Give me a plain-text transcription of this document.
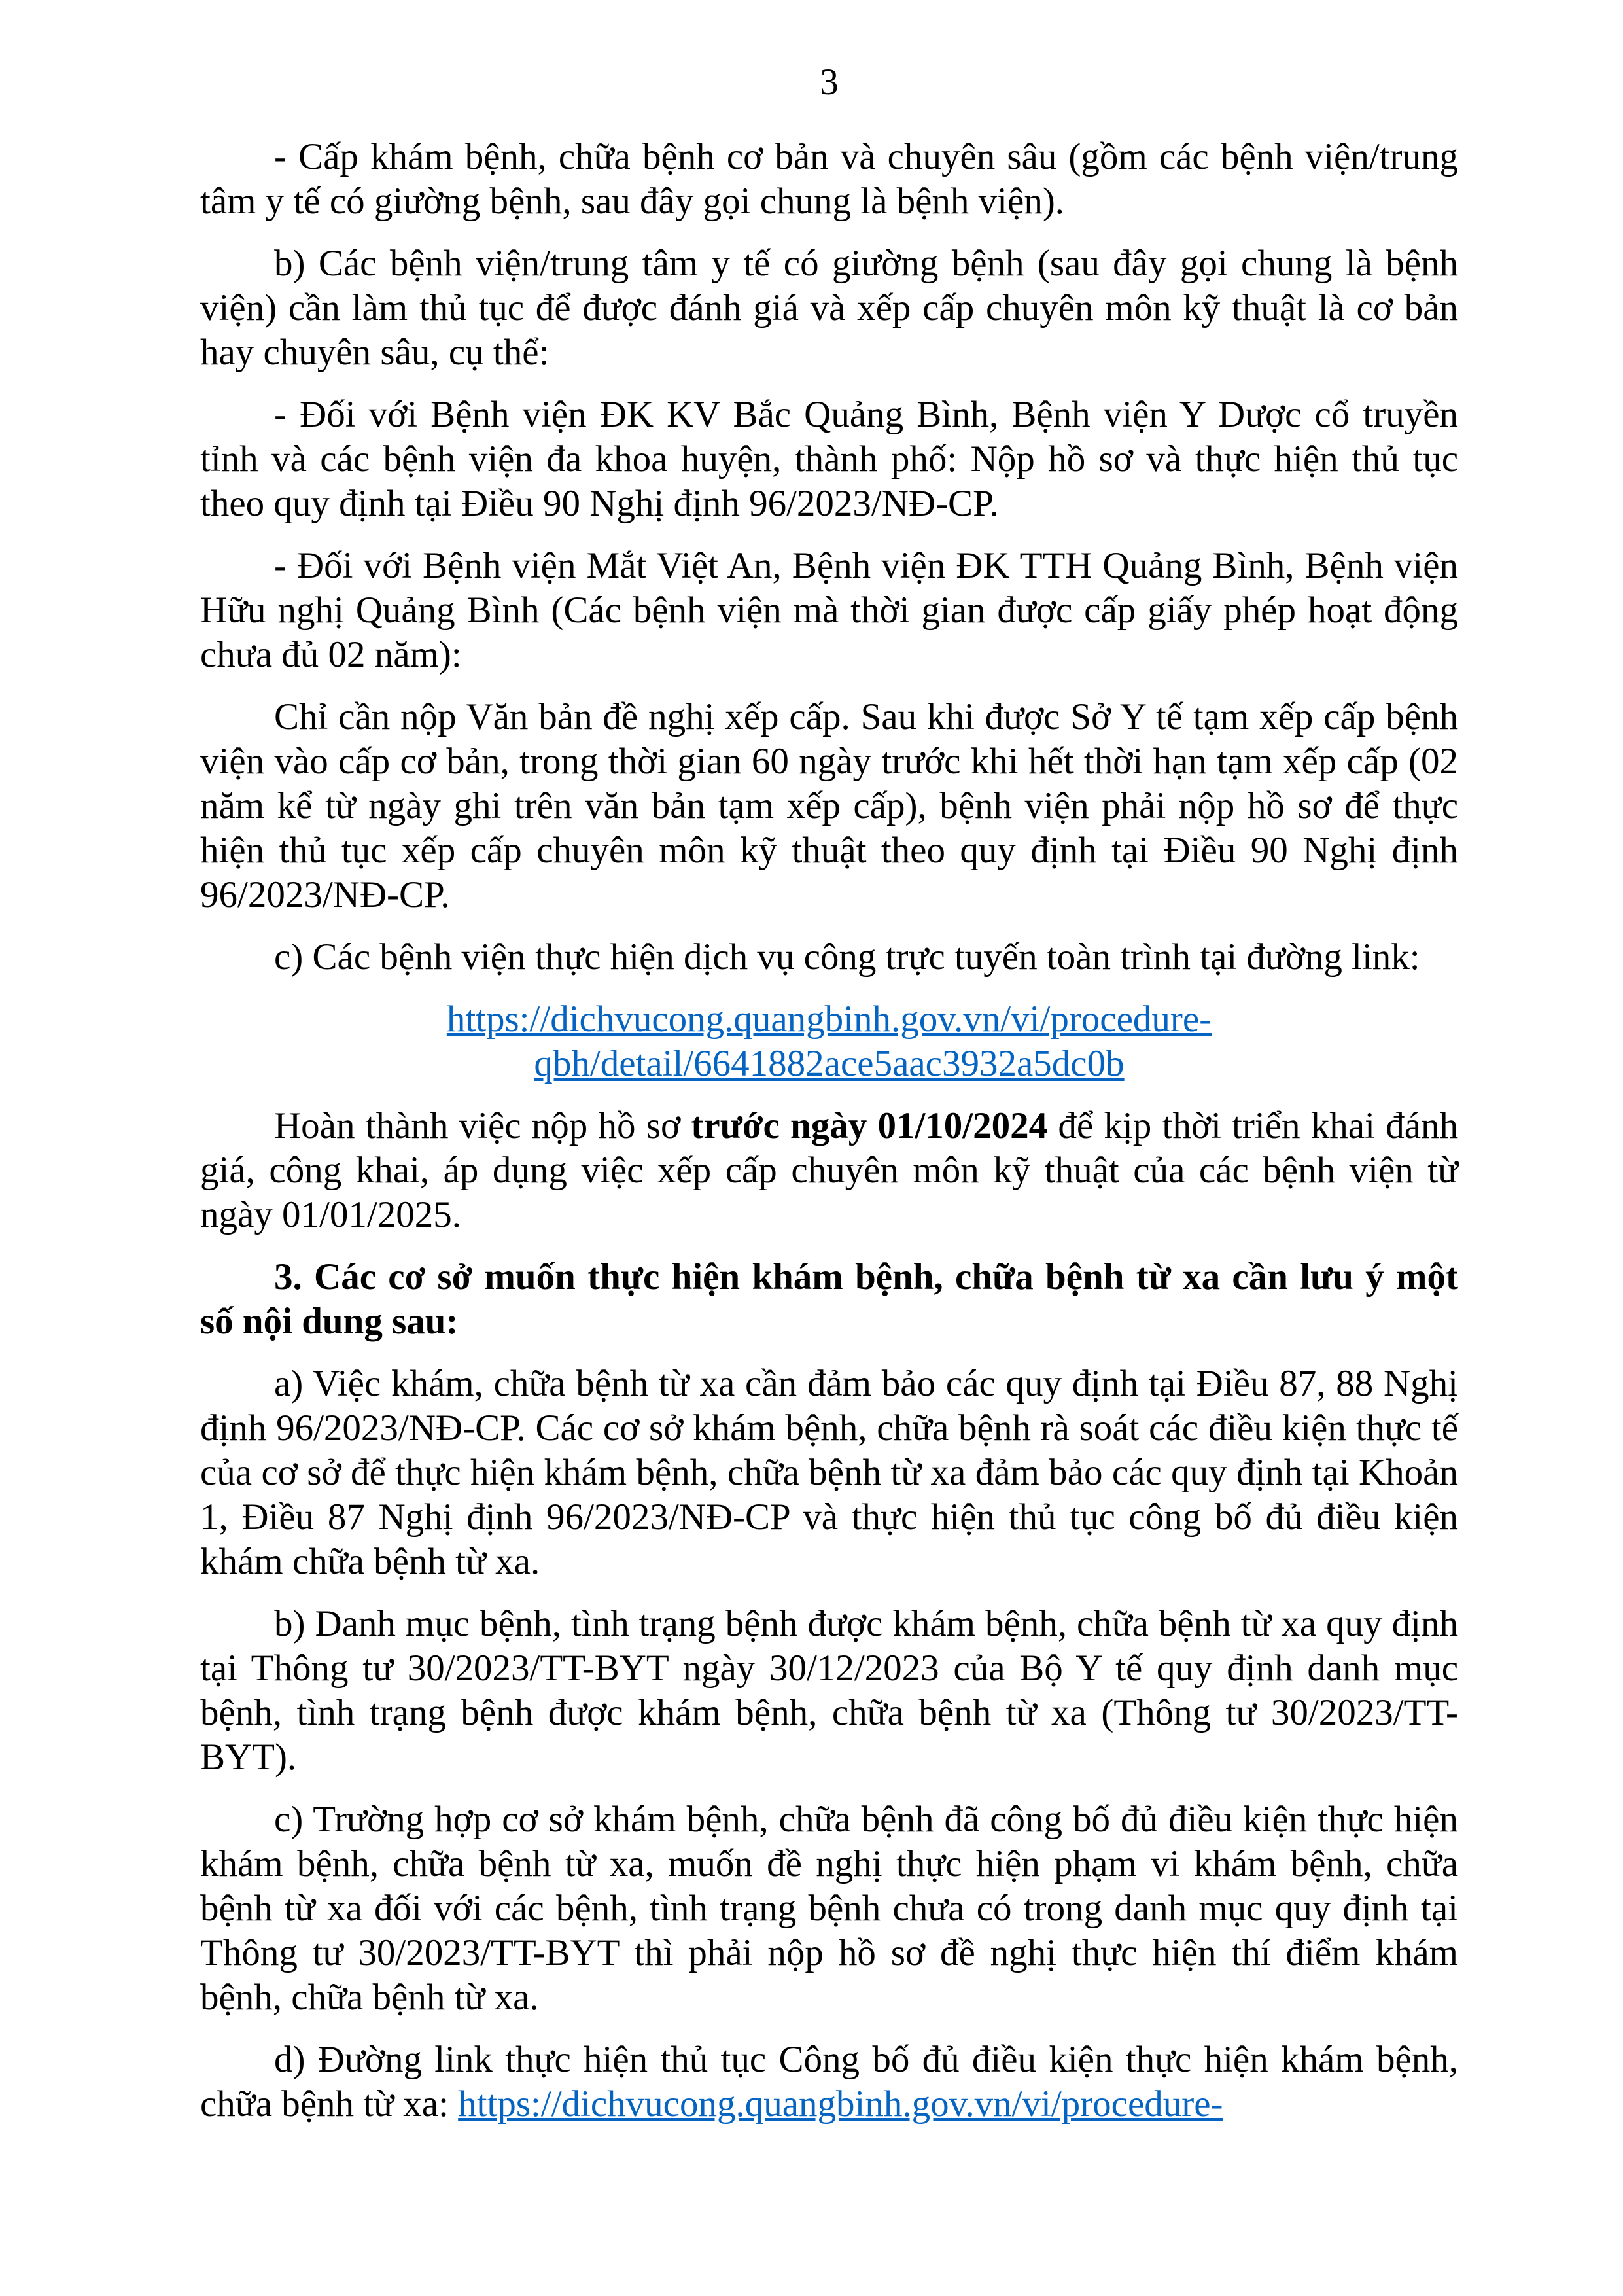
3

- Cấp khám bệnh, chữa bệnh cơ bản và chuyên sâu (gồm các bệnh viện/trung tâm y tế có giường bệnh, sau đây gọi chung là bệnh viện).

b) Các bệnh viện/trung tâm y tế có giường bệnh (sau đây gọi chung là bệnh viện) cần làm thủ tục để được đánh giá và xếp cấp chuyên môn kỹ thuật là cơ bản hay chuyên sâu, cụ thể:

- Đối với Bệnh viện ĐK KV Bắc Quảng Bình, Bệnh viện Y Dược cổ truyền tỉnh và các bệnh viện đa khoa huyện, thành phố: Nộp hồ sơ và thực hiện thủ tục theo quy định tại Điều 90 Nghị định 96/2023/NĐ-CP.

- Đối với Bệnh viện Mắt Việt An, Bệnh viện ĐK TTH Quảng Bình, Bệnh viện Hữu nghị Quảng Bình (Các bệnh viện mà thời gian được cấp giấy phép hoạt động chưa đủ 02 năm):

Chỉ cần nộp Văn bản đề nghị xếp cấp. Sau khi được Sở Y tế tạm xếp cấp bệnh viện vào cấp cơ bản, trong thời gian 60 ngày trước khi hết thời hạn tạm xếp cấp (02 năm kể từ ngày ghi trên văn bản tạm xếp cấp), bệnh viện phải nộp hồ sơ để thực hiện thủ tục xếp cấp chuyên môn kỹ thuật theo quy định tại Điều 90 Nghị định 96/2023/NĐ-CP.

c) Các bệnh viện thực hiện dịch vụ công trực tuyến toàn trình tại đường link:

https://dichvucong.quangbinh.gov.vn/vi/procedure-
qbh/detail/6641882ace5aac3932a5dc0b

Hoàn thành việc nộp hồ sơ trước ngày 01/10/2024 để kịp thời triển khai đánh giá, công khai, áp dụng việc xếp cấp chuyên môn kỹ thuật của các bệnh viện từ ngày 01/01/2025.

3. Các cơ sở muốn thực hiện khám bệnh, chữa bệnh từ xa cần lưu ý một số nội dung sau:

a) Việc khám, chữa bệnh từ xa cần đảm bảo các quy định tại Điều 87, 88 Nghị định 96/2023/NĐ-CP. Các cơ sở khám bệnh, chữa bệnh rà soát các điều kiện thực tế của cơ sở để thực hiện khám bệnh, chữa bệnh từ xa đảm bảo các quy định tại Khoản 1, Điều 87 Nghị định 96/2023/NĐ-CP và thực hiện thủ tục công bố đủ điều kiện khám chữa bệnh từ xa.

b) Danh mục bệnh, tình trạng bệnh được khám bệnh, chữa bệnh từ xa quy định tại Thông tư 30/2023/TT-BYT ngày 30/12/2023 của Bộ Y tế quy định danh mục bệnh, tình trạng bệnh được khám bệnh, chữa bệnh từ xa (Thông tư 30/2023/TT-BYT).

c) Trường hợp cơ sở khám bệnh, chữa bệnh đã công bố đủ điều kiện thực hiện khám bệnh, chữa bệnh từ xa, muốn đề nghị thực hiện phạm vi khám bệnh, chữa bệnh từ xa đối với các bệnh, tình trạng bệnh chưa có trong danh mục quy định tại Thông tư 30/2023/TT-BYT thì phải nộp hồ sơ đề nghị thực hiện thí điểm khám bệnh, chữa bệnh từ xa.

d) Đường link thực hiện thủ tục Công bố đủ điều kiện thực hiện khám bệnh, chữa bệnh từ xa: https://dichvucong.quangbinh.gov.vn/vi/procedure-
